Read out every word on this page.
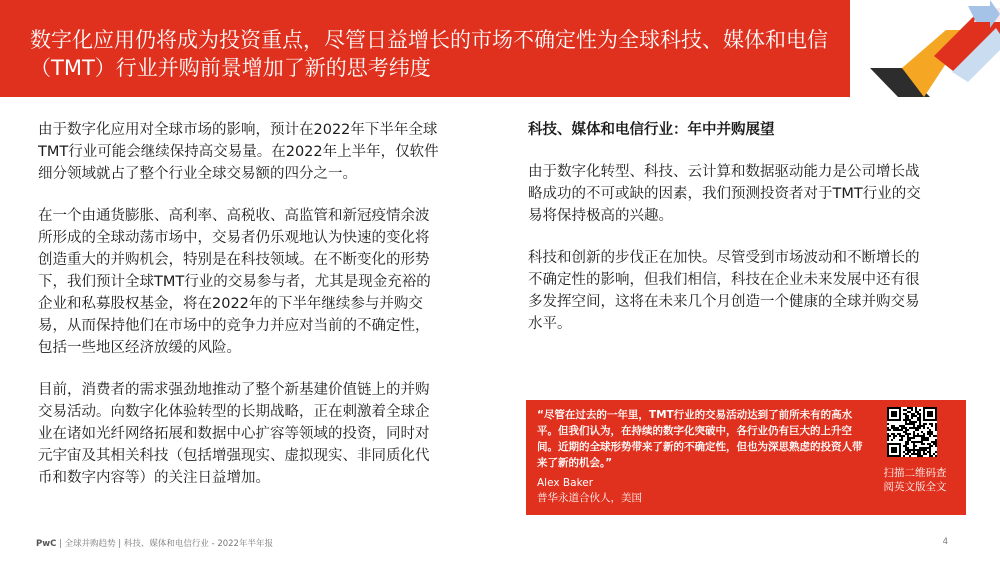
数字化应用仍将成为投资重点，尽管日益增长的市场不确定性为全球科技、媒体和电信（TMT）行业并购前景增加了新的思考纬度

由于数字化应用对全球市场的影响，预计在2022年下半年全球TMT行业可能会继续保持高交易量。在2022年上半年，仅软件细分领域就占了整个行业全球交易额的四分之一。

在一个由通货膨胀、高利率、高税收、高监管和新冠疫情余波所形成的全球动荡市场中，交易者仍乐观地认为快速的变化将创造重大的并购机会，特别是在科技领域。在不断变化的形势下，我们预计全球TMT行业的交易参与者，尤其是现金充裕的企业和私募股权基金，将在2022年的下半年继续参与并购交易，从而保持他们在市场中的竞争力并应对当前的不确定性，包括一些地区经济放缓的风险。

目前，消费者的需求强劲地推动了整个新基建价值链上的并购交易活动。向数字化体验转型的长期战略，正在刺激着全球企业在诸如光纤网络拓展和数据中心扩容等领域的投资，同时对元宇宙及其相关科技（包括增强现实、虚拟现实、非同质化代币和数字内容等）的关注日益增加。

科技、媒体和电信行业：年中并购展望

由于数字化转型、科技、云计算和数据驱动能力是公司增长战略成功的不可或缺的因素，我们预测投资者对于TMT行业的交易将保持极高的兴趣。

科技和创新的步伐正在加快。尽管受到市场波动和不断增长的不确定性的影响，但我们相信，科技在企业未来发展中还有很多发挥空间，这将在未来几个月创造一个健康的全球并购交易水平。

“尽管在过去的一年里，TMT行业的交易活动达到了前所未有的高水平。但我们认为，在持续的数字化突破中，各行业仍有巨大的上升空间。近期的全球形势带来了新的不确定性，但也为深思熟虑的投资人带来了新的机会。”
Alex Baker
普华永道合伙人，美国
扫描二维码查阅英文版全文
PwC | 全球并购趋势 | 科技、媒体和电信行业 - 2022年半年报	4
